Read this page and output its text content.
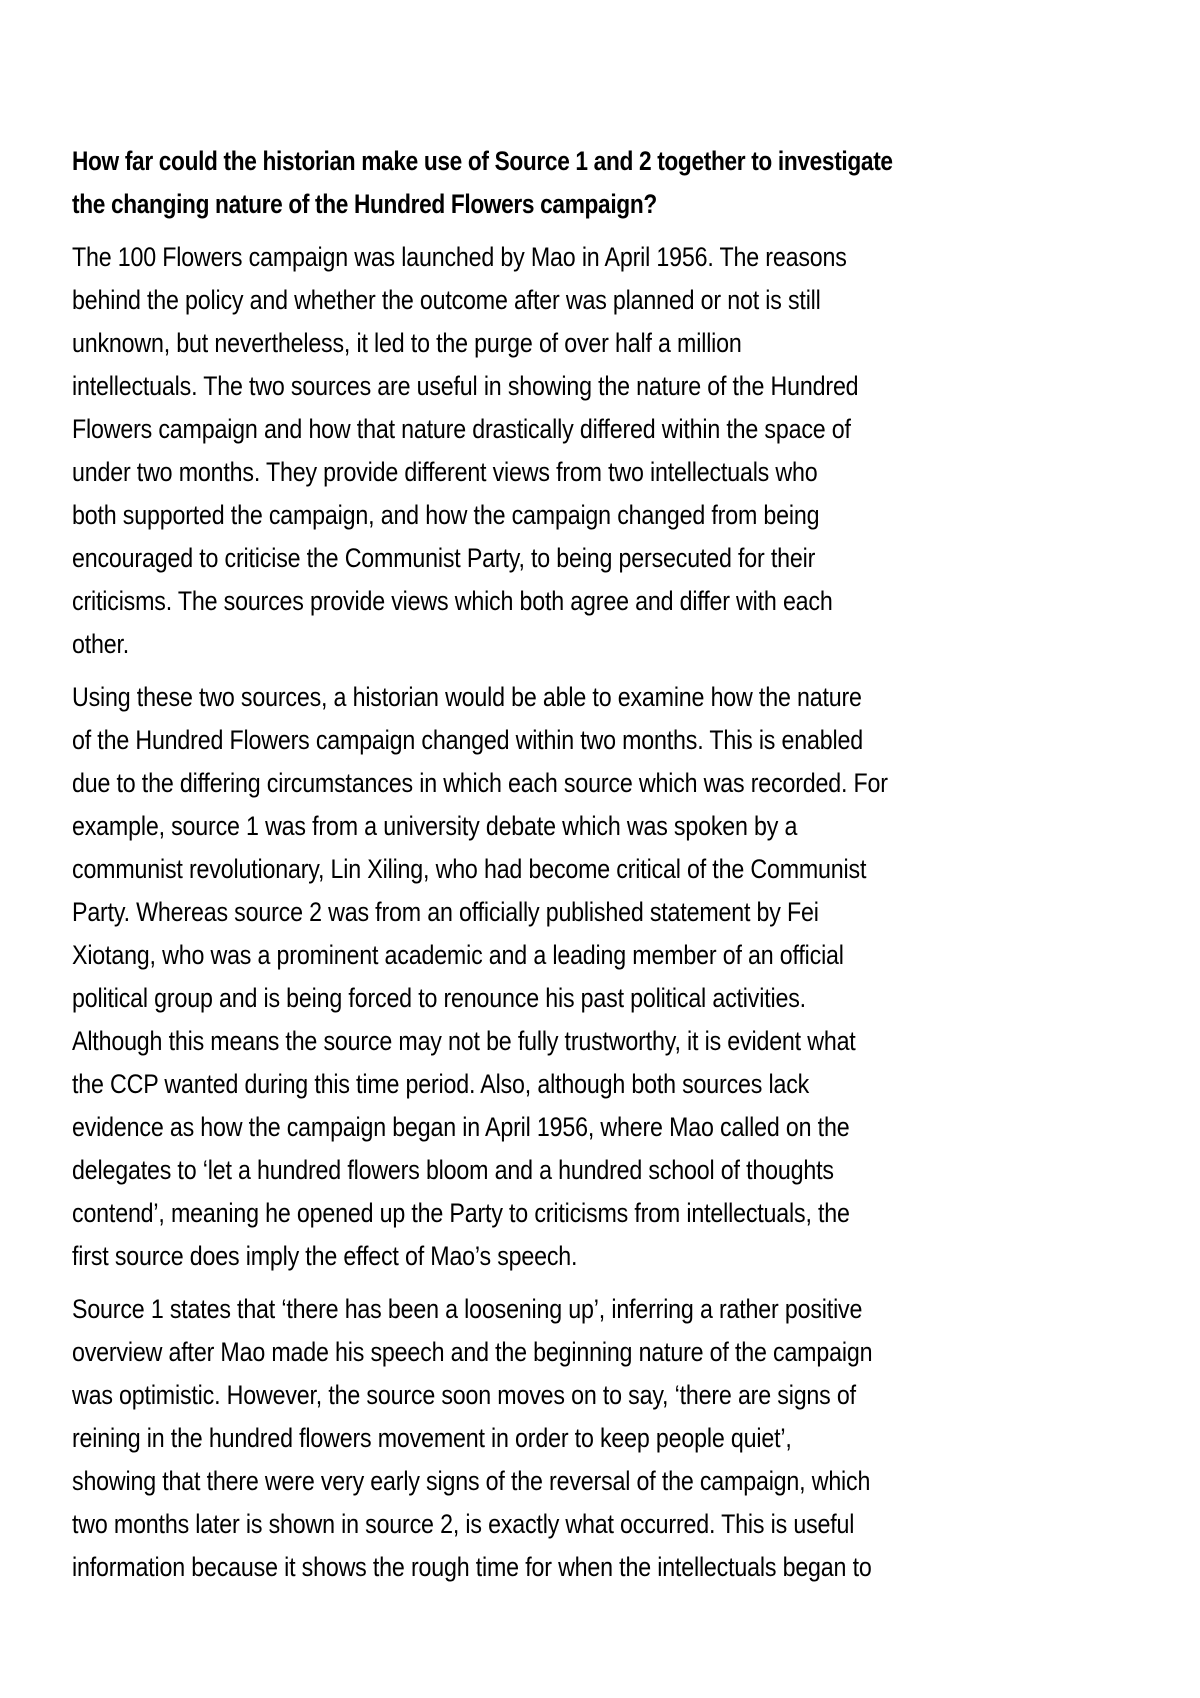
How far could the historian make use of Source 1 and 2 together to investigate
the changing nature of the Hundred Flowers campaign?
The 100 Flowers campaign was launched by Mao in April 1956. The reasons
behind the policy and whether the outcome after was planned or not is still
unknown, but nevertheless, it led to the purge of over half a million
intellectuals. The two sources are useful in showing the nature of the Hundred
Flowers campaign and how that nature drastically differed within the space of
under two months. They provide different views from two intellectuals who
both supported the campaign, and how the campaign changed from being
encouraged to criticise the Communist Party, to being persecuted for their
criticisms. The sources provide views which both agree and differ with each
other.
Using these two sources, a historian would be able to examine how the nature
of the Hundred Flowers campaign changed within two months. This is enabled
due to the differing circumstances in which each source which was recorded. For
example, source 1 was from a university debate which was spoken by a
communist revolutionary, Lin Xiling, who had become critical of the Communist
Party. Whereas source 2 was from an officially published statement by Fei
Xiotang, who was a prominent academic and a leading member of an official
political group and is being forced to renounce his past political activities.
Although this means the source may not be fully trustworthy, it is evident what
the CCP wanted during this time period. Also, although both sources lack
evidence as how the campaign began in April 1956, where Mao called on the
delegates to ‘let a hundred flowers bloom and a hundred school of thoughts
contend’, meaning he opened up the Party to criticisms from intellectuals, the
first source does imply the effect of Mao’s speech.
Source 1 states that ‘there has been a loosening up’, inferring a rather positive
overview after Mao made his speech and the beginning nature of the campaign
was optimistic. However, the source soon moves on to say, ‘there are signs of
reining in the hundred flowers movement in order to keep people quiet’,
showing that there were very early signs of the reversal of the campaign, which
two months later is shown in source 2, is exactly what occurred. This is useful
information because it shows the rough time for when the intellectuals began to
